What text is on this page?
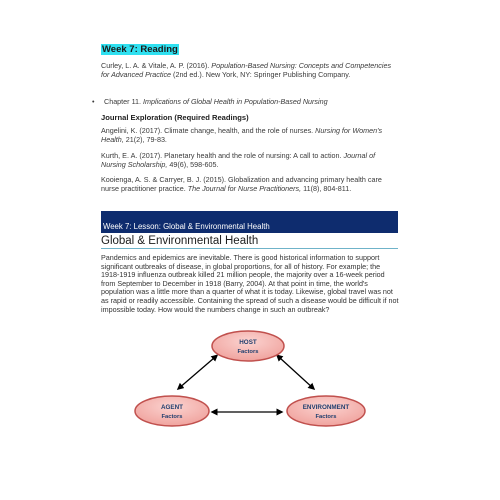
Week 7: Reading
Curley, L. A. & Vitale, A. P. (2016). Population-Based Nursing: Concepts and Competencies for Advanced Practice (2nd ed.). New York, NY: Springer Publishing Company.
• Chapter 11. Implications of Global Health in Population-Based Nursing
Journal Exploration (Required Readings)
Angelini, K. (2017). Climate change, health, and the role of nurses. Nursing for Women's Health, 21(2), 79-83.
Kurth, E. A. (2017). Planetary health and the role of nursing: A call to action. Journal of Nursing Scholarship, 49(6), 598-605.
Kooienga, A. S. & Carryer, B. J. (2015). Globalization and advancing primary health care nurse practitioner practice. The Journal for Nurse Practitioners, 11(8), 804-811.
Week 7: Lesson: Global & Environmental Health
Global & Environmental Health
Pandemics and epidemics are inevitable. There is good historical information to support significant outbreaks of disease, in global proportions, for all of history. For example; the 1918-1919 influenza outbreak killed 21 million people, the majority over a 16-week period from September to December in 1918 (Barry, 2004). At that point in time, the world's population was a little more than a quarter of what it is today. Likewise, global travel was not as rapid or readily accessible. Containing the spread of such a disease would be difficult if not impossible today. How would the numbers change in such an outbreak?
HOST
Factors
AGENT
Factors
ENVIRONMENT
Factors
